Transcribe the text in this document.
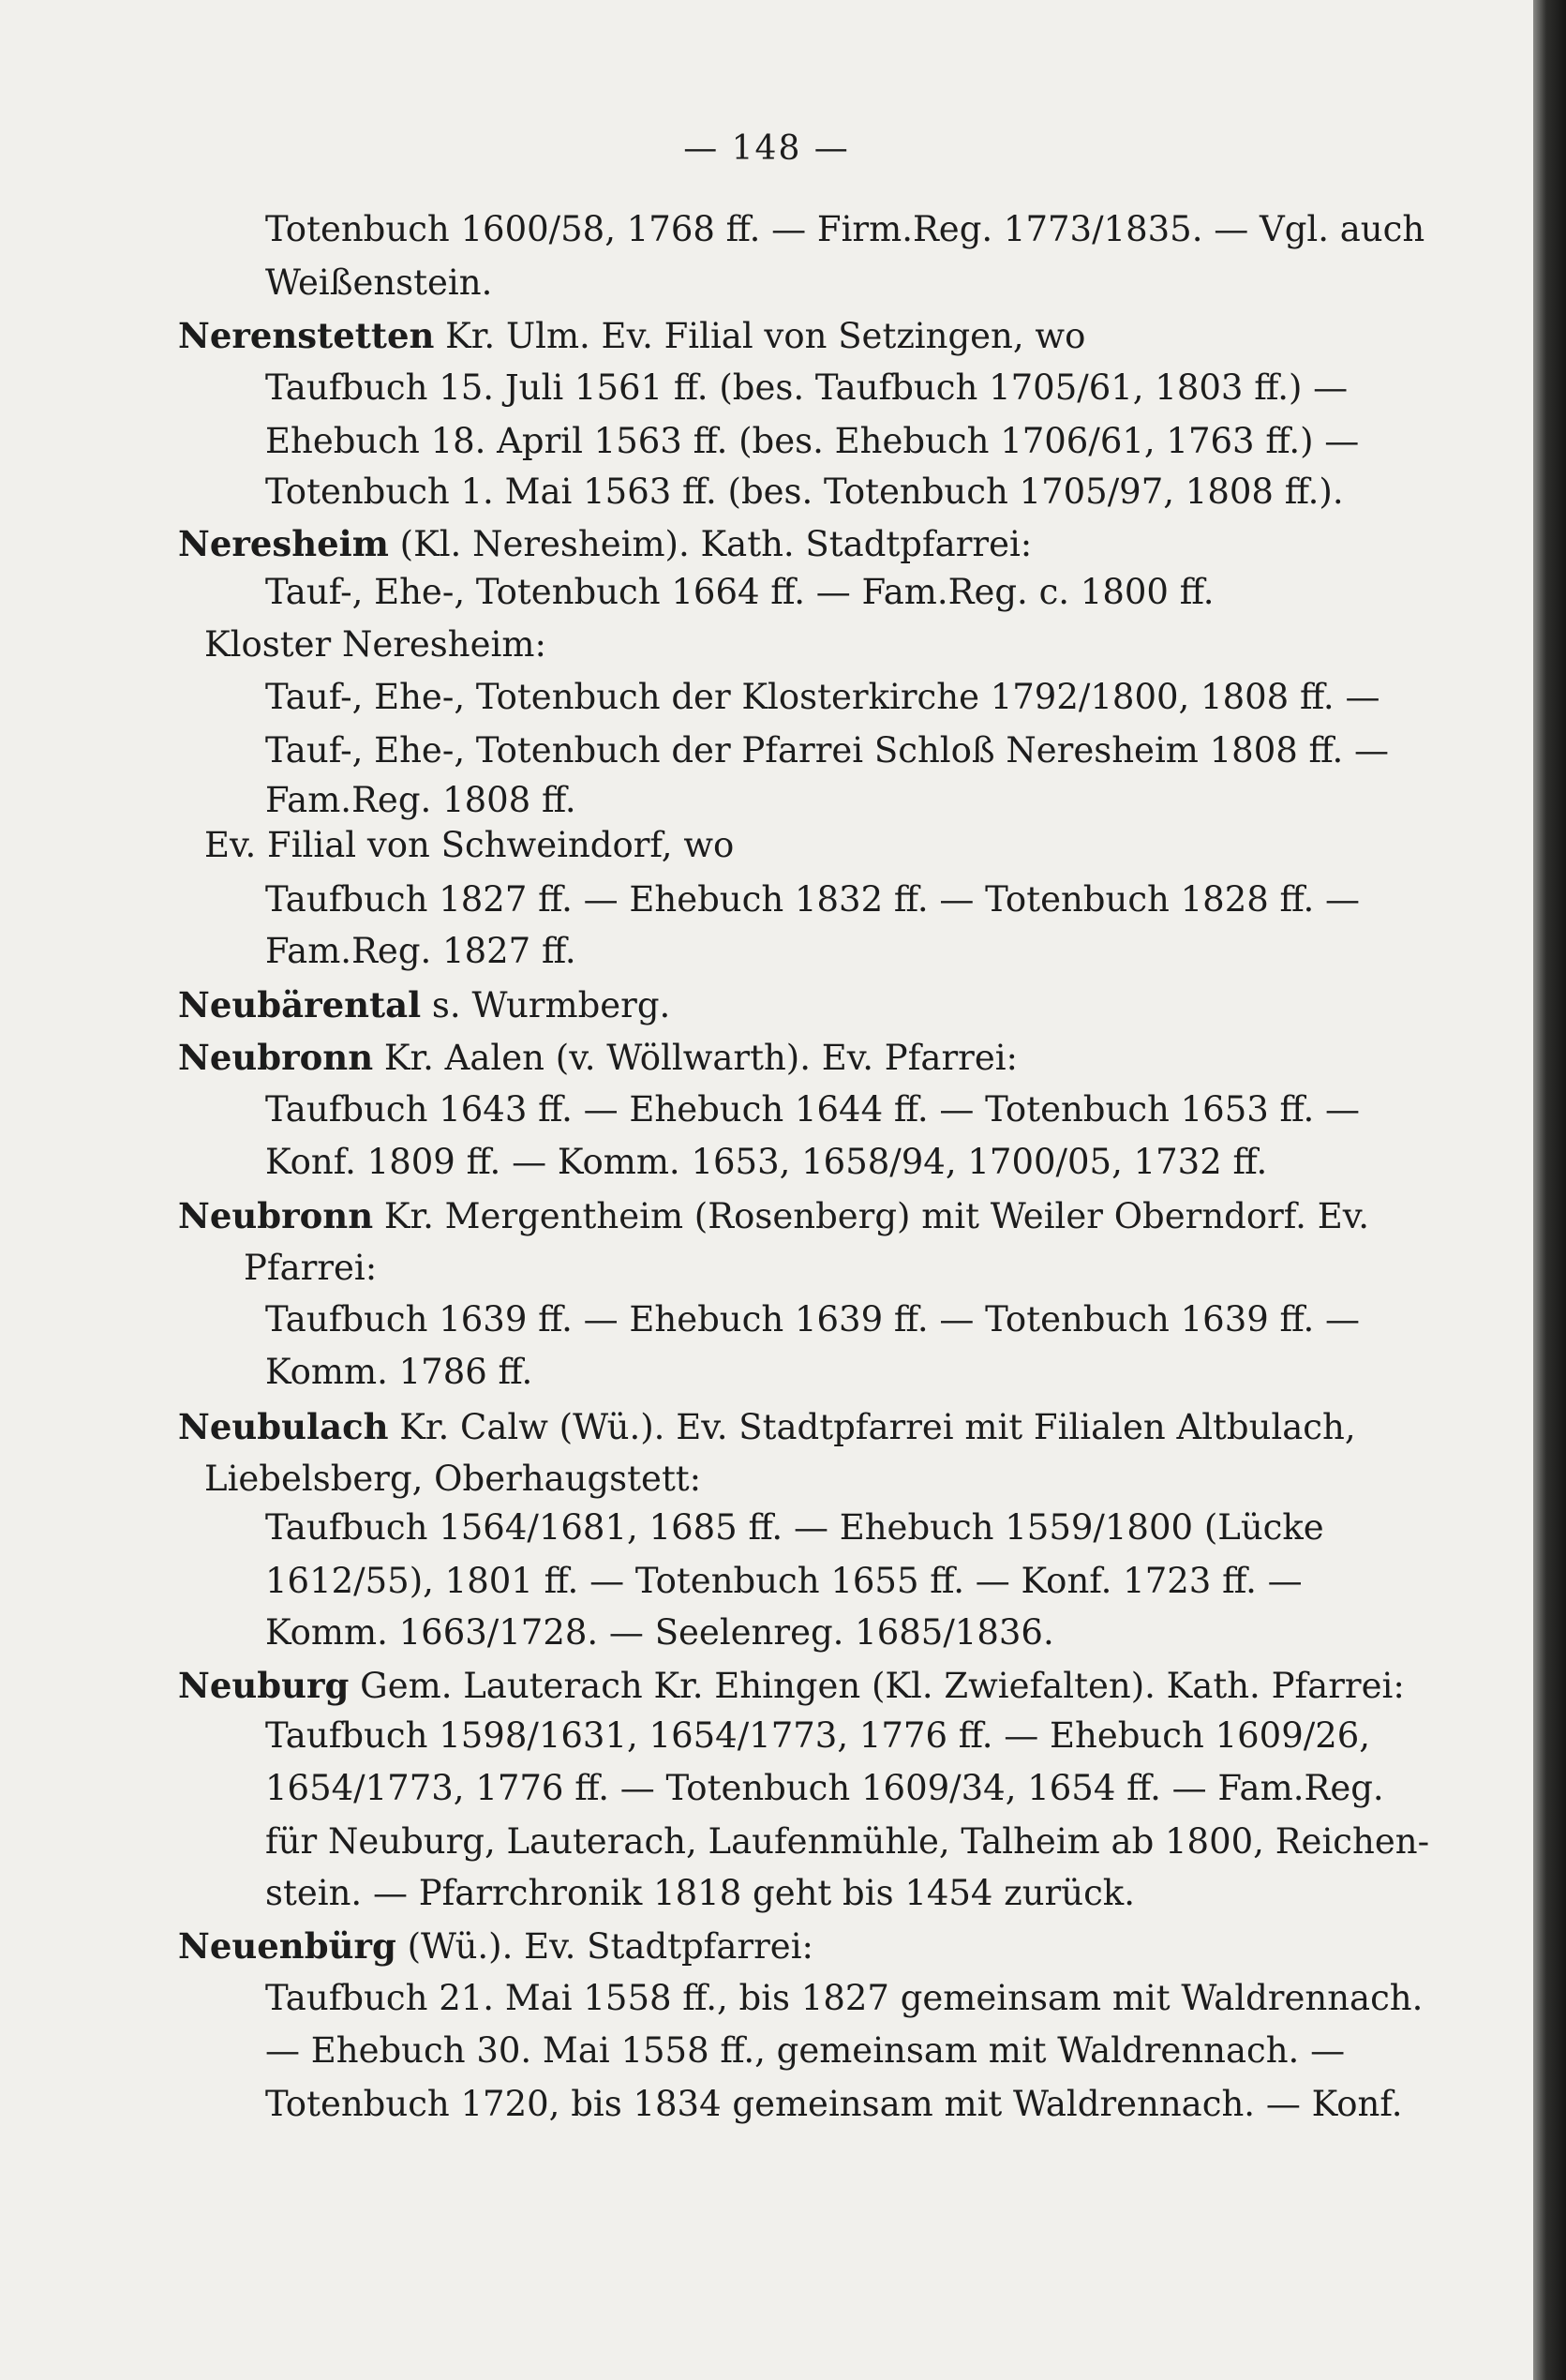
— 148 —
Totenbuch 1600/58, 1768 ff. — Firm.Reg. 1773/1835. — Vgl. auch
Weißenstein.
Nerenstetten Kr. Ulm. Ev. Filial von Setzingen, wo
Taufbuch 15. Juli 1561 ff. (bes. Taufbuch 1705/61, 1803 ff.) —
Ehebuch 18. April 1563 ff. (bes. Ehebuch 1706/61, 1763 ff.) —
Totenbuch 1. Mai 1563 ff. (bes. Totenbuch 1705/97, 1808 ff.).
Neresheim (Kl. Neresheim). Kath. Stadtpfarrei:
Tauf-, Ehe-, Totenbuch 1664 ff. — Fam.Reg. c. 1800 ff.
Kloster Neresheim:
Tauf-, Ehe-, Totenbuch der Klosterkirche 1792/1800, 1808 ff. —
Tauf-, Ehe-, Totenbuch der Pfarrei Schloß Neresheim 1808 ff. —
Fam.Reg. 1808 ff.
Ev. Filial von Schweindorf, wo
Taufbuch 1827 ff. — Ehebuch 1832 ff. — Totenbuch 1828 ff. —
Fam.Reg. 1827 ff.
Neubärental s. Wurmberg.
Neubronn Kr. Aalen (v. Wöllwarth). Ev. Pfarrei:
Taufbuch 1643 ff. — Ehebuch 1644 ff. — Totenbuch 1653 ff. —
Konf. 1809 ff. — Komm. 1653, 1658/94, 1700/05, 1732 ff.
Neubronn Kr. Mergentheim (Rosenberg) mit Weiler Oberndorf. Ev.
Pfarrei:
Taufbuch 1639 ff. — Ehebuch 1639 ff. — Totenbuch 1639 ff. —
Komm. 1786 ff.
Neubulach Kr. Calw (Wü.). Ev. Stadtpfarrei mit Filialen Altbulach,
Liebelsberg, Oberhaugstett:
Taufbuch 1564/1681, 1685 ff. — Ehebuch 1559/1800 (Lücke
1612/55), 1801 ff. — Totenbuch 1655 ff. — Konf. 1723 ff. —
Komm. 1663/1728. — Seelenreg. 1685/1836.
Neuburg Gem. Lauterach Kr. Ehingen (Kl. Zwiefalten). Kath. Pfarrei:
Taufbuch 1598/1631, 1654/1773, 1776 ff. — Ehebuch 1609/26,
1654/1773, 1776 ff. — Totenbuch 1609/34, 1654 ff. — Fam.Reg.
für Neuburg, Lauterach, Laufenmühle, Talheim ab 1800, Reichen-
stein. — Pfarrchronik 1818 geht bis 1454 zurück.
Neuenbürg (Wü.). Ev. Stadtpfarrei:
Taufbuch 21. Mai 1558 ff., bis 1827 gemeinsam mit Waldrennach.
— Ehebuch 30. Mai 1558 ff., gemeinsam mit Waldrennach. —
Totenbuch 1720, bis 1834 gemeinsam mit Waldrennach. — Konf.
